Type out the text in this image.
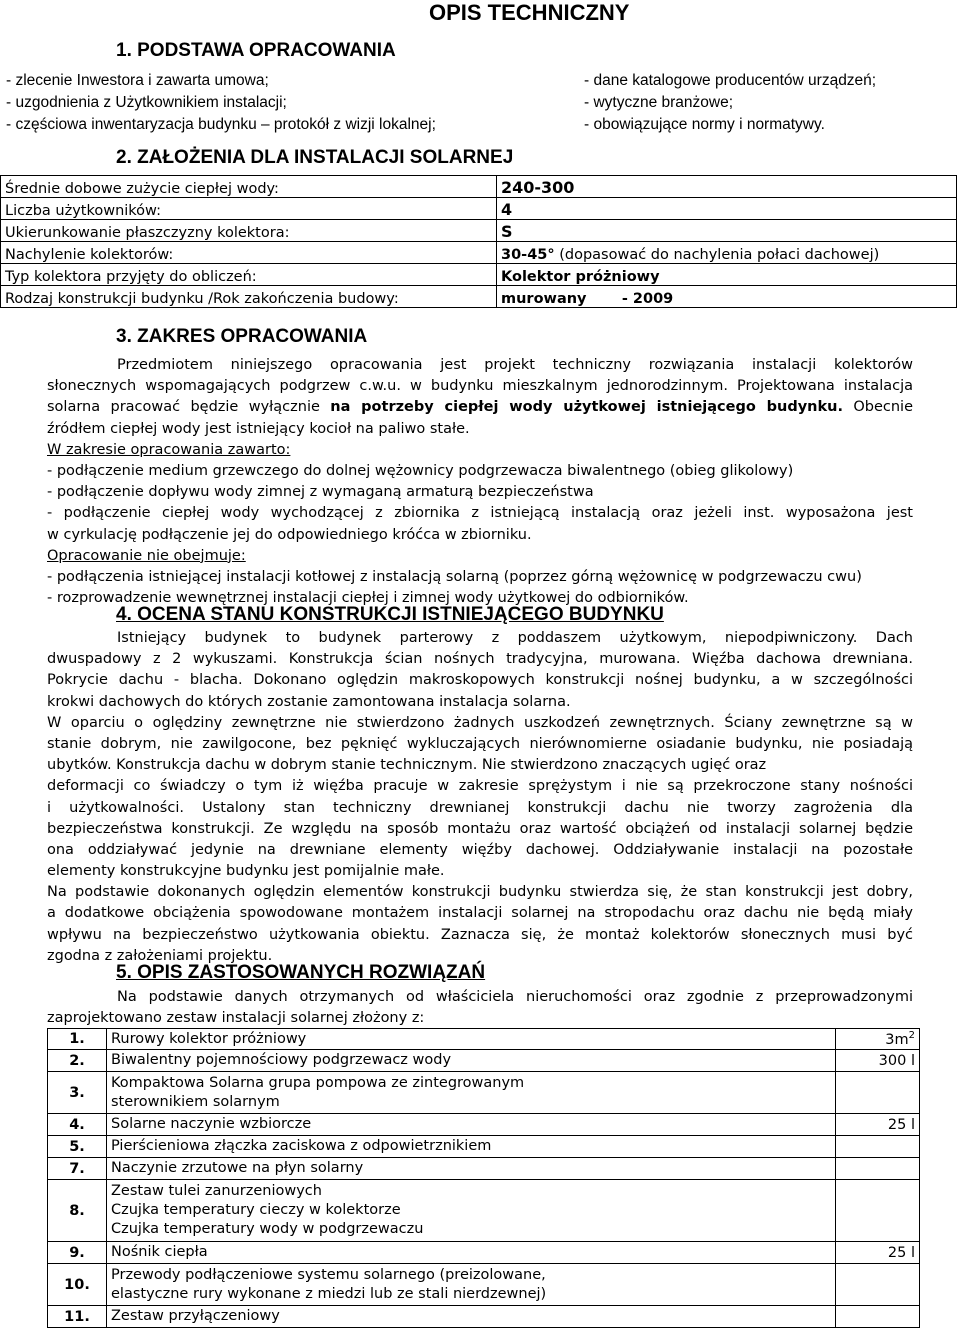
OPIS TECHNICZNY
1. PODSTAWA OPRACOWANIA
- zlecenie Inwestora i zawarta umowa;
- uzgodnienia z Użytkownikiem instalacji;
- częściowa inwentaryzacja budynku – protokół z wizji lokalnej;
- dane katalogowe producentów urządzeń;
- wytyczne branżowe;
- obowiązujące normy i normatywy.
2. ZAŁOŻENIA DLA INSTALACJI SOLARNEJ
Średnie dobowe zużycie ciepłej wody:	240-300
Liczba użytkowników:	4
Ukierunkowanie płaszczyzny kolektora:	S
Nachylenie kolektorów:	30-45° (dopasować do nachylenia połaci dachowej)
Typ kolektora przyjęty do obliczeń:	Kolektor próżniowy
Rodzaj konstrukcji budynku /Rok zakończenia budowy:	murowany       - 2009
3. ZAKRES OPRACOWANIA
Przedmiotem niniejszego opracowania jest projekt techniczny rozwiązania instalacji kolektorów
słonecznych wspomagających podgrzew c.w.u. w budynku mieszkalnym jednorodzinnym. Projektowana instalacja
solarna pracować będzie wyłącznie na potrzeby ciepłej wody użytkowej istniejącego budynku. Obecnie
źródłem ciepłej wody jest istniejący kocioł na paliwo stałe.
W zakresie opracowania zawarto:
- podłączenie medium grzewczego do dolnej wężownicy podgrzewacza biwalentnego (obieg glikolowy)
- podłączenie dopływu wody zimnej z wymaganą armaturą bezpieczeństwa
- podłączenie ciepłej wody wychodzącej z zbiornika z istniejącą instalacją oraz jeżeli inst. wyposażona jest
w cyrkulację podłączenie jej do odpowiedniego króćca w zbiorniku.
Opracowanie nie obejmuje:
- podłączenia istniejącej instalacji kotłowej z instalacją solarną (poprzez górną wężownicę w podgrzewaczu cwu)
- rozprowadzenie wewnętrznej instalacji ciepłej i zimnej wody użytkowej do odbiorników.
4. OCENA STANU KONSTRUKCJI ISTNIEJĄCEGO BUDYNKU
Istniejący budynek to budynek parterowy z poddaszem użytkowym, niepodpiwniczony. Dach
dwuspadowy z 2 wykuszami. Konstrukcja ścian nośnych tradycyjna, murowana. Więźba dachowa drewniana.
Pokrycie dachu - blacha. Dokonano oględzin makroskopowych konstrukcji nośnej budynku, a w szczególności
krokwi dachowych do których zostanie zamontowana instalacja solarna.
W oparciu o oględziny zewnętrzne nie stwierdzono żadnych uszkodzeń zewnętrznych. Ściany zewnętrzne są w
stanie dobrym, nie zawilgocone, bez pęknięć wykluczających nierównomierne osiadanie budynku, nie posiadają
ubytków. Konstrukcja dachu w dobrym stanie technicznym. Nie stwierdzono znaczących ugięć oraz
deformacji co świadczy o tym iż więźba pracuje w zakresie sprężystym i nie są przekroczone stany nośności
i użytkowalności. Ustalony stan techniczny drewnianej konstrukcji dachu nie tworzy zagrożenia dla
bezpieczeństwa konstrukcji. Ze względu na sposób montażu oraz wartość obciążeń od instalacji solarnej będzie
ona oddziaływać jedynie na drewniane elementy więźby dachowej. Oddziaływanie instalacji na pozostałe
elementy konstrukcyjne budynku jest pomijalnie małe.
Na podstawie dokonanych oględzin elementów konstrukcji budynku stwierdza się, że stan konstrukcji jest dobry,
a dodatkowe obciążenia spowodowane montażem instalacji solarnej na stropodachu oraz dachu nie będą miały
wpływu na bezpieczeństwo użytkowania obiektu. Zaznacza się, że montaż kolektorów słonecznych musi być
zgodna z założeniami projektu.
5. OPIS ZASTOSOWANYCH ROZWIĄZAŃ
Na podstawie danych otrzymanych od właściciela nieruchomości oraz zgodnie z przeprowadzonymi
zaprojektowano zestaw instalacji solarnej złożony z:
1.	Rurowy kolektor próżniowy	$3m^2$
2.	Biwalentny pojemnościowy podgrzewacz wody	300 l
3.	Kompaktowa Solarna grupa pompowa ze zintegrowanym
sterownikiem solarnym	

4.	Solarne naczynie wzbiorcze	25 l
5.	Pierścieniowa złączka zaciskowa z odpowietrznikiem	
7.	Naczynie zrzutowe na płyn solarny	
8.	Zestaw tulei zanurzeniowych
Czujka temperatury cieczy w kolektorze
Czujka temperatury wody w podgrzewaczu	

9.	Nośnik ciepła	25 l
10.	Przewody podłączeniowe systemu solarnego (preizolowane,
elastyczne rury wykonane z miedzi lub ze stali nierdzewnej)	

11.	Zestaw przyłączeniowy	
